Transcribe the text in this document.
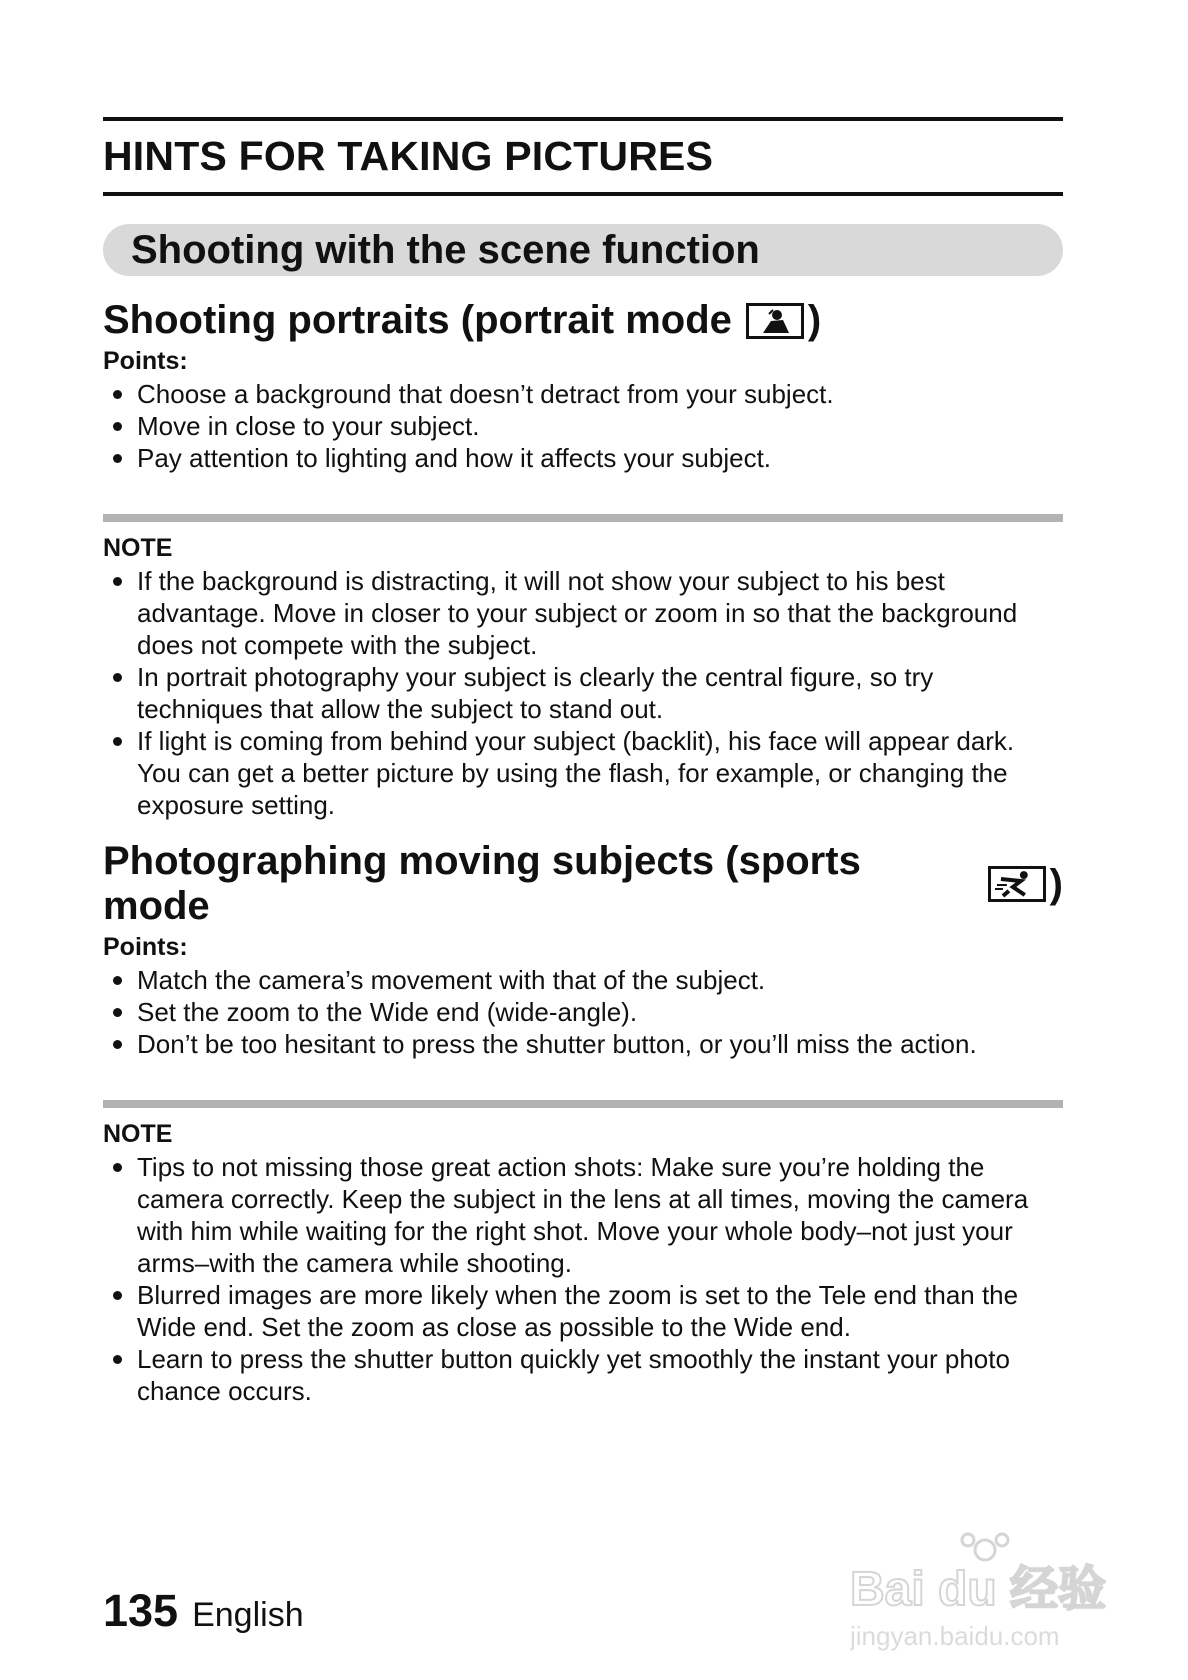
HINTS FOR TAKING PICTURES
Shooting with the scene function
Shooting portraits (portrait mode )
Points:
Choose a background that doesn’t detract from your subject.
Move in close to your subject.
Pay attention to lighting and how it affects your subject.
NOTE
If the background is distracting, it will not show your subject to his best advantage. Move in closer to your subject or zoom in so that the background does not compete with the subject.
In portrait photography your subject is clearly the central figure, so try techniques that allow the subject to stand out.
If light is coming from behind your subject (backlit), his face will appear dark. You can get a better picture by using the flash, for example, or changing the exposure setting.
Photographing moving subjects (sports mode
)
Points:
Match the camera’s movement with that of the subject.
Set the zoom to the Wide end (wide-angle).
Don’t be too hesitant to press the shutter button, or you’ll miss the action.
NOTE
Tips to not missing those great action shots: Make sure you’re holding the camera correctly. Keep the subject in the lens at all times, moving the camera with him while waiting for the right shot. Move your whole body–not just your arms–with the camera while shooting.
Blurred images are more likely when the zoom is set to the Tele end than the Wide end. Set the zoom as close as possible to the Wide end.
Learn to press the shutter button quickly yet smoothly the instant your photo chance occurs.
135 English	Bai du 经验
jingyan.baidu.com
